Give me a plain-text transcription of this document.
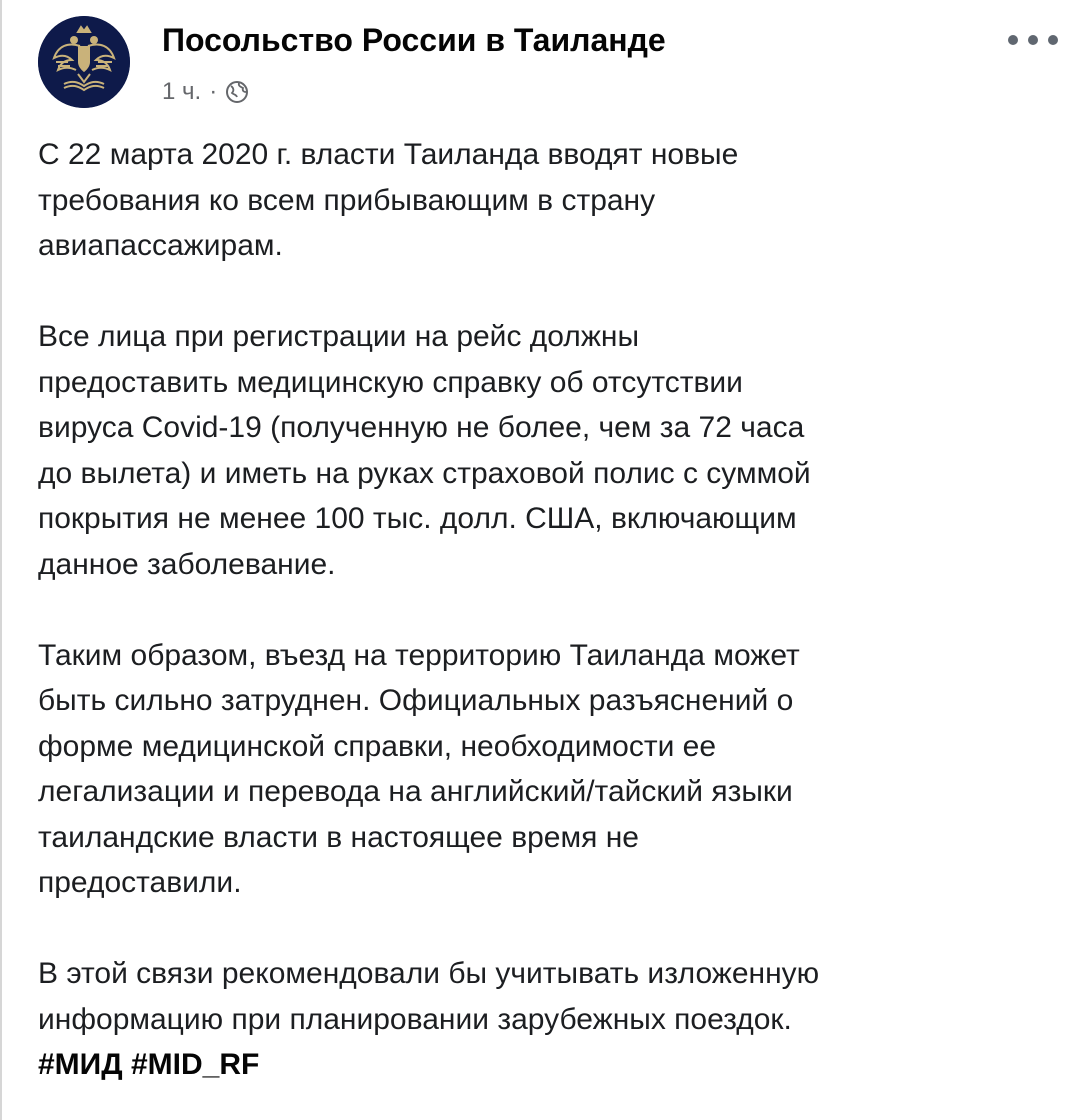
Посольство России в Таиланде
1 ч. ·

С 22 марта 2020 г. власти Таиланда вводят новые
требования ко всем прибывающим в страну
авиапассажирам.

Все лица при регистрации на рейс должны
предоставить медицинскую справку об отсутствии
вируса Covid-19 (полученную не более, чем за 72 часа
до вылета) и иметь на руках страховой полис с суммой
покрытия не менее 100 тыс. долл. США, включающим
данное заболевание.

Таким образом, въезд на территорию Таиланда может
быть сильно затруднен. Официальных разъяснений о
форме медицинской справки, необходимости ее
легализации и перевода на английский/тайский языки
таиландские власти в настоящее время не
предоставили.

В этой связи рекомендовали бы учитывать изложенную
информацию при планировании зарубежных поездок.
#МИД #MID_RF
